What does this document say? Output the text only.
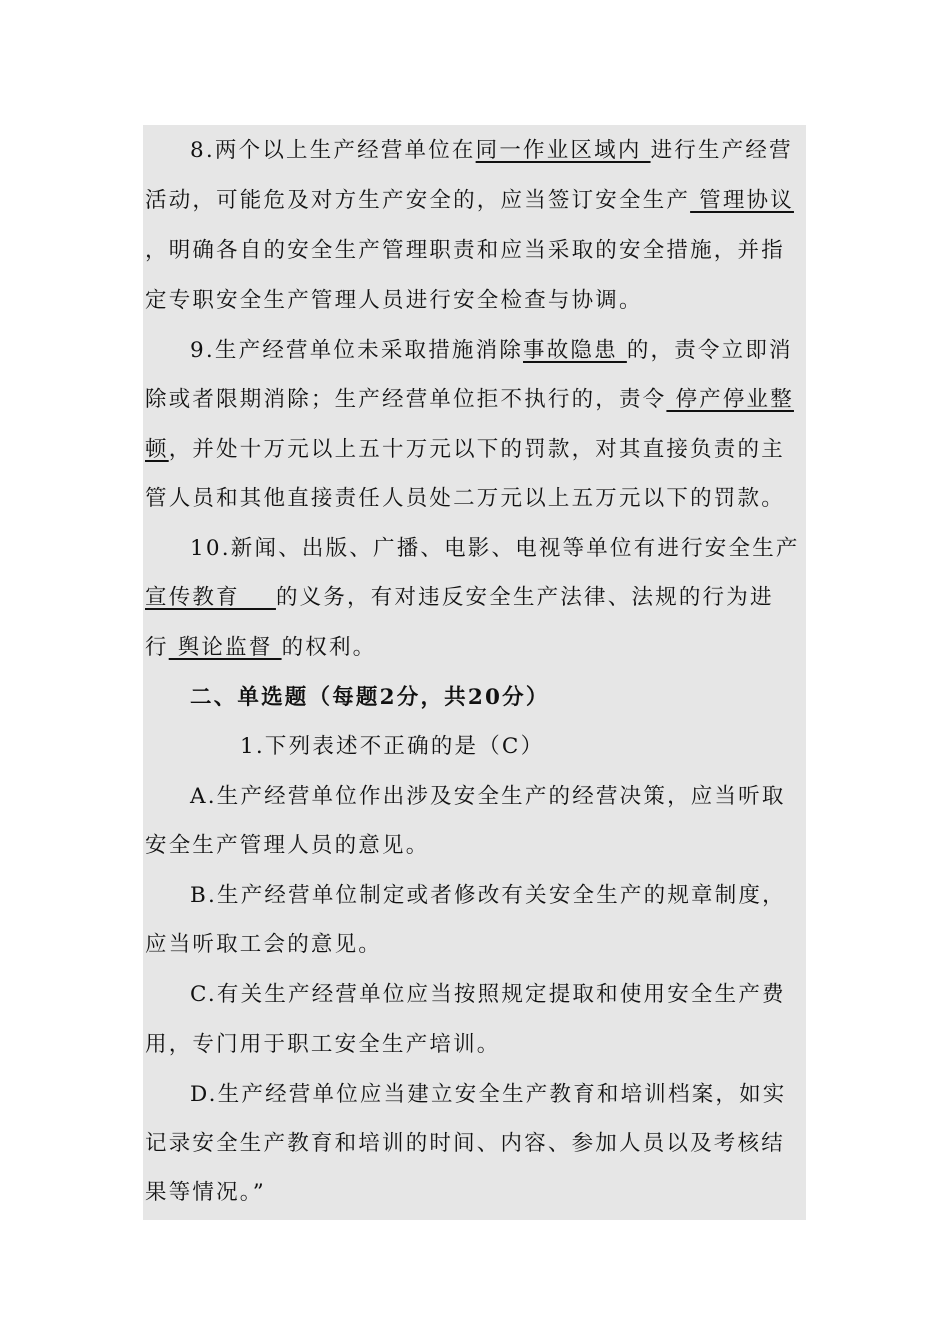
8.两个以上生产经营单位在同一作业区域内 进行生产经营
活动，可能危及对方生产安全的，应当签订安全生产 管理协议
，明确各自的安全生产管理职责和应当采取的安全措施，并指
定专职安全生产管理人员进行安全检查与协调。
9.生产经营单位未采取措施消除事故隐患 的，责令立即消
除或者限期消除；生产经营单位拒不执行的，责令 停产停业整
顿，并处十万元以上五十万元以下的罚款，对其直接负责的主
管人员和其他直接责任人员处二万元以上五万元以下的罚款。
10.新闻、出版、广播、电影、电视等单位有进行安全生产
宣传教育    的义务，有对违反安全生产法律、法规的行为进
行 舆论监督 的权利。
二、单选题（每题2分，共20分）
1.下列表述不正确的是（C）
A.生产经营单位作出涉及安全生产的经营决策，应当听取
安全生产管理人员的意见。
B.生产经营单位制定或者修改有关安全生产的规章制度，
应当听取工会的意见。
C.有关生产经营单位应当按照规定提取和使用安全生产费
用，专门用于职工安全生产培训。
D.生产经营单位应当建立安全生产教育和培训档案，如实
记录安全生产教育和培训的时间、内容、参加人员以及考核结
果等情况。”
